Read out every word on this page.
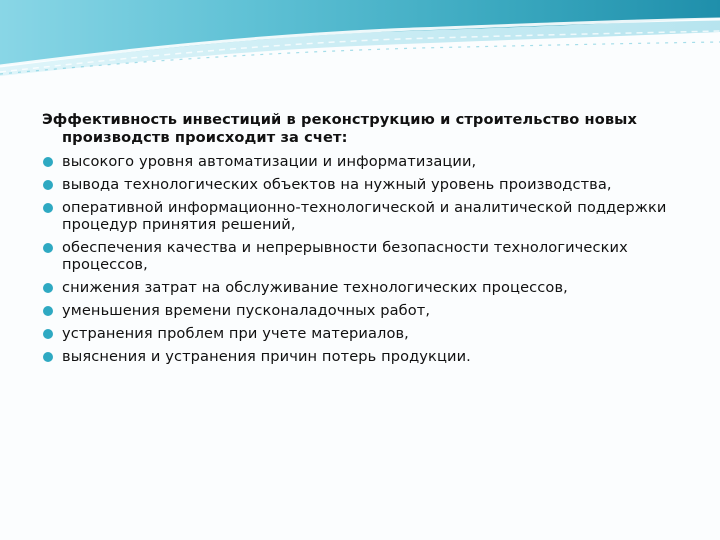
Эффективность инвестиций в реконструкцию и строительство новых производств происходит за счет:
высокого уровня автоматизации и информатизации,
вывода технологических объектов на нужный уровень производства,
оперативной информационно-технологической и аналитической поддержки процедур принятия решений,
обеспечения качества и непрерывности безопасности технологических процессов,
снижения затрат на обслуживание технологических процессов,
уменьшения времени пусконаладочных работ,
устранения проблем при учете материалов,
выяснения и устранения причин потерь продукции.
